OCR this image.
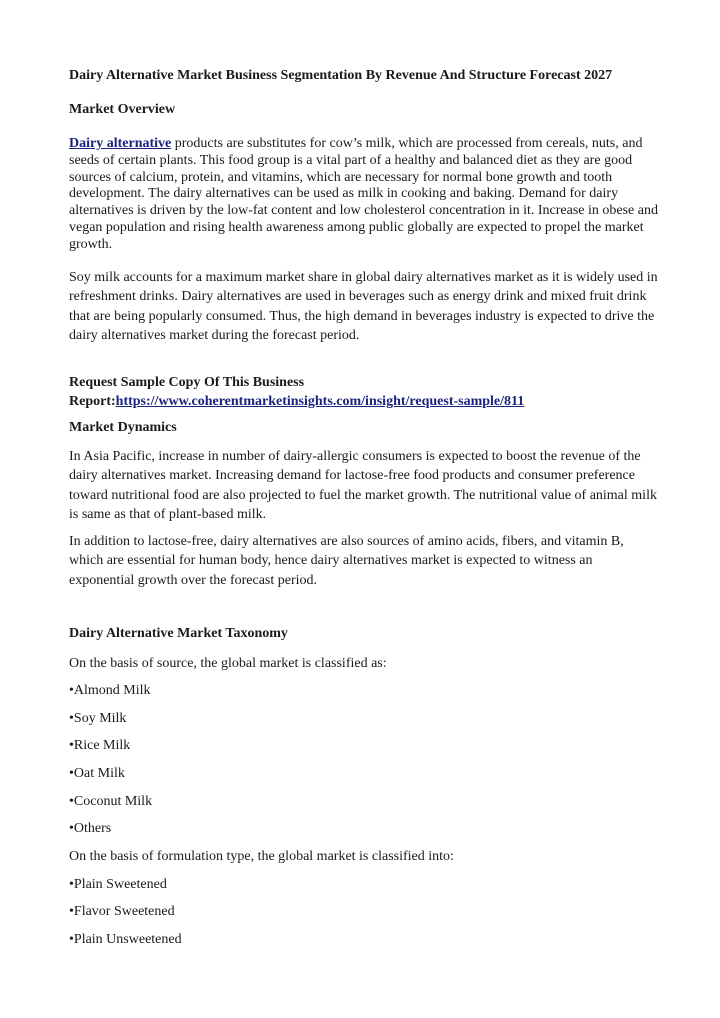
Dairy Alternative Market Business Segmentation By Revenue And Structure Forecast 2027
Market Overview
Dairy alternative products are substitutes for cow’s milk, which are processed from cereals, nuts, and seeds of certain plants. This food group is a vital part of a healthy and balanced diet as they are good sources of calcium, protein, and vitamins, which are necessary for normal bone growth and tooth development. The dairy alternatives can be used as milk in cooking and baking. Demand for dairy alternatives is driven by the low-fat content and low cholesterol concentration in it. Increase in obese and vegan population and rising health awareness among public globally are expected to propel the market growth.
Soy milk accounts for a maximum market share in global dairy alternatives market as it is widely used in refreshment drinks. Dairy alternatives are used in beverages such as energy drink and mixed fruit drink that are being popularly consumed. Thus, the high demand in beverages industry is expected to drive the dairy alternatives market during the forecast period.
Request Sample Copy Of This Business
Report:https://www.coherentmarketinsights.com/insight/request-sample/811
Market Dynamics
In Asia Pacific, increase in number of dairy-allergic consumers is expected to boost the revenue of the dairy alternatives market. Increasing demand for lactose-free food products and consumer preference toward nutritional food are also projected to fuel the market growth. The nutritional value of animal milk is same as that of plant-based milk.
In addition to lactose-free, dairy alternatives are also sources of amino acids, fibers, and vitamin B, which are essential for human body, hence dairy alternatives market is expected to witness an exponential growth over the forecast period.
Dairy Alternative Market Taxonomy
On the basis of source, the global market is classified as:
•Almond Milk
•Soy Milk
•Rice Milk
•Oat Milk
•Coconut Milk
•Others
On the basis of formulation type, the global market is classified into:
•Plain Sweetened
•Flavor Sweetened
•Plain Unsweetened
